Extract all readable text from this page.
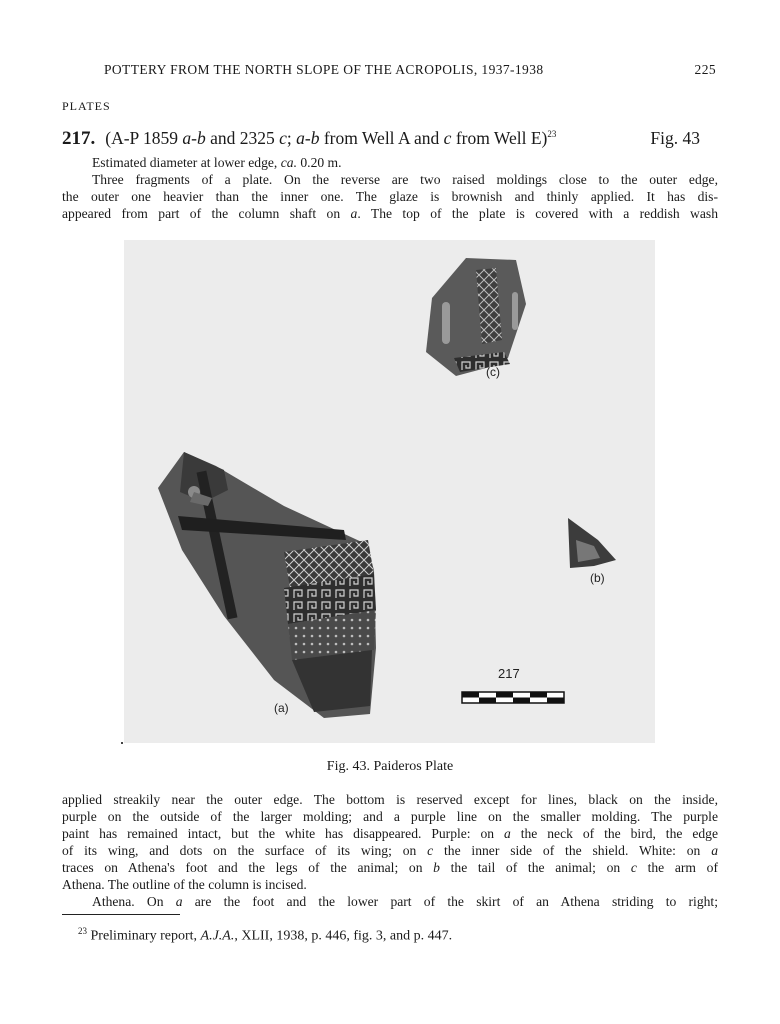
POTTERY FROM THE NORTH SLOPE OF THE ACROPOLIS, 1937-1938	225
PLATES
217. (A-P 1859 a-b and 2325 c; a-b from Well A and c from Well E)$^{23}$	Fig. 43
Estimated diameter at lower edge, ca. 0.20 m.
Three fragments of a plate. On the reverse are two raised moldings close to the outer edge,
the outer one heavier than the inner one. The glaze is brownish and thinly applied. It has dis-
appeared from part of the column shaft on a. The top of the plate is covered with a reddish wash
(c)
(b)
(a)
217
Fig. 43. Paideros Plate
applied streakily near the outer edge. The bottom is reserved except for lines, black on the inside,
purple on the outside of the larger molding; and a purple line on the smaller molding. The purple
paint has remained intact, but the white has disappeared. Purple: on a the neck of the bird, the edge
of its wing, and dots on the surface of its wing; on c the inner side of the shield. White: on a
traces on Athena's foot and the legs of the animal; on b the tail of the animal; on c the arm of
Athena. The outline of the column is incised.
Athena. On a are the foot and the lower part of the skirt of an Athena striding to right;
$^{23}$ Preliminary report, A.J.A., XLII, 1938, p. 446, fig. 3, and p. 447.
